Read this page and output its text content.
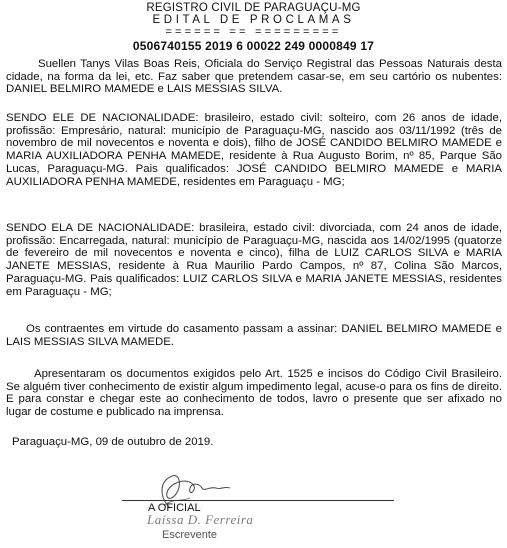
REGISTRO CIVIL DE PARAGUAÇU-MG
EDITAL DE PROCLAMAS
====== == =========
0506740155 2019 6 00022 249 0000849 17

Suellen Tanys Vilas Boas Reis, Oficiala do Serviço Registral das Pessoas Naturais desta cidade, na forma da lei, etc. Faz saber que pretendem casar-se, em seu cartório os nubentes: DANIEL BELMIRO MAMEDE e LAIS MESSIAS SILVA.

SENDO ELE DE NACIONALIDADE: brasileiro, estado civil: solteiro, com 26 anos de idade, profissão: Empresário, natural: município de Paraguaçu-MG, nascido aos 03/11/1992 (três de novembro de mil novecentos e noventa e dois), filho de JOSÉ CANDIDO BELMIRO MAMEDE e MARIA AUXILIADORA PENHA MAMEDE, residente à Rua Augusto Borim, nº 85, Parque São Lucas, Paraguaçu-MG. Pais qualificados: JOSÉ CANDIDO BELMIRO MAMEDE e MARIA AUXILIADORA PENHA MAMEDE, residentes em Paraguaçu - MG;

SENDO ELA DE NACIONALIDADE: brasileira, estado civil: divorciada, com 24 anos de idade, profissão: Encarregada, natural: município de Paraguaçu-MG, nascida aos 14/02/1995 (quatorze de fevereiro de mil novecentos e noventa e cinco), filha de LUIZ CARLOS SILVA e MARIA JANETE MESSIAS, residente à Rua Maurilio Pardo Campos, nº 87, Colina São Marcos, Paraguaçu-MG. Pais qualificados: LUIZ CARLOS SILVA e MARIA JANETE MESSIAS, residentes em Paraguaçu - MG;

Os contraentes em virtude do casamento passam a assinar: DANIEL BELMIRO MAMEDE e LAIS MESSIAS SILVA MAMEDE.

Apresentaram os documentos exigidos pelo Art. 1525 e incisos do Código Civil Brasileiro. Se alguém tiver conhecimento de existir algum impedimento legal, acuse-o para os fins de direito. E para constar e chegar este ao conhecimento de todos, lavro o presente que ser afixado no lugar de costume e publicado na imprensa.

Paraguaçu-MG, 09 de outubro de 2019.

A OFICIAL
Laíssa D. Ferreira
Escrevente
